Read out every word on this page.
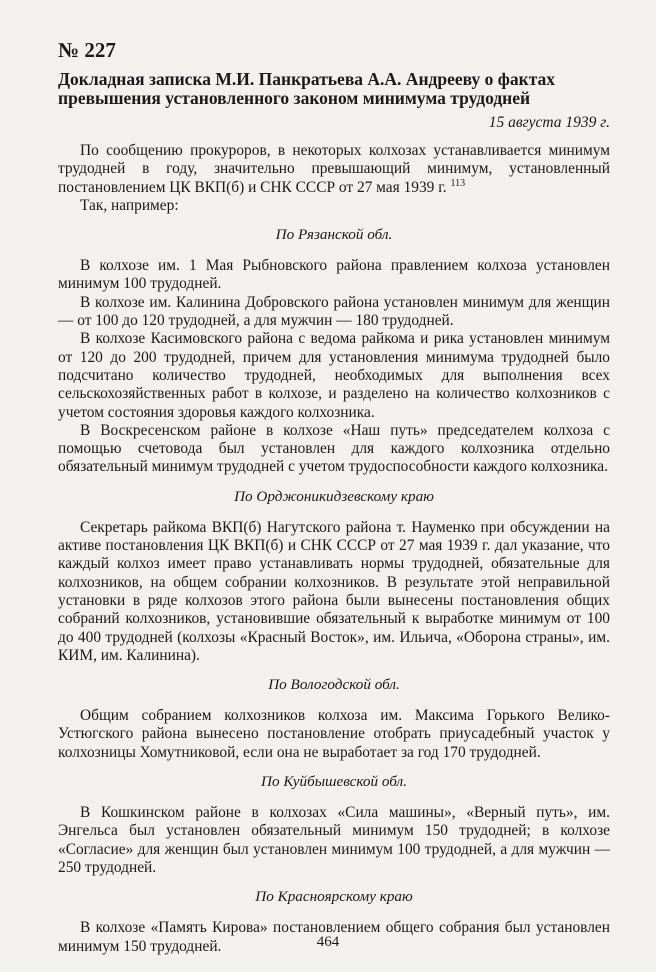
№ 227
Докладная записка М.И. Панкратьева А.А. Андрееву о фактах превышения установленного законом минимума трудодней
15 августа 1939 г.

По сообщению прокуроров, в некоторых колхозах устанавливается минимум трудодней в году, значительно превышающий минимум, установленный постановлением ЦК ВКП(б) и СНК СССР от 27 мая 1939 г. $^{113}$

Так, например:

По Рязанской обл.

В колхозе им. 1 Мая Рыбновского района правлением колхоза установлен минимум 100 трудодней.

В колхозе им. Калинина Добровского района установлен минимум для женщин — от 100 до 120 трудодней, а для мужчин — 180 трудодней.

В колхозе Касимовского района с ведома райкома и рика установлен минимум от 120 до 200 трудодней, причем для установления минимума трудодней было подсчитано количество трудодней, необходимых для выполнения всех сельскохозяйственных работ в колхозе, и разделено на количество колхозников с учетом состояния здоровья каждого колхозника.

В Воскресенском районе в колхозе «Наш путь» председателем колхоза с помощью счетовода был установлен для каждого колхозника отдельно обязательный минимум трудодней с учетом трудоспособности каждого колхозника.

По Орджоникидзевскому краю

Секретарь райкома ВКП(б) Нагутского района т. Науменко при обсуждении на активе постановления ЦК ВКП(б) и СНК СССР от 27 мая 1939 г. дал указание, что каждый колхоз имеет право устанавливать нормы трудодней, обязательные для колхозников, на общем собрании колхозников. В результате этой неправильной установки в ряде колхозов этого района были вынесены постановления общих собраний колхозников, установившие обязательный к выработке минимум от 100 до 400 трудодней (колхозы «Красный Восток», им. Ильича, «Оборона страны», им. КИМ, им. Калинина).

По Вологодской обл.

Общим собранием колхозников колхоза им. Максима Горького Велико-Устюгского района вынесено постановление отобрать приусадебный участок у колхозницы Хомутниковой, если она не выработает за год 170 трудодней.

По Куйбышевской обл.

В Кошкинском районе в колхозах «Сила машины», «Верный путь», им. Энгельса был установлен обязательный минимум 150 трудодней; в колхозе «Согласие» для женщин был установлен минимум 100 трудодней, а для мужчин — 250 трудодней.

По Красноярскому краю

В колхозе «Память Кирова» постановлением общего собрания был установлен минимум 150 трудодней.	464
